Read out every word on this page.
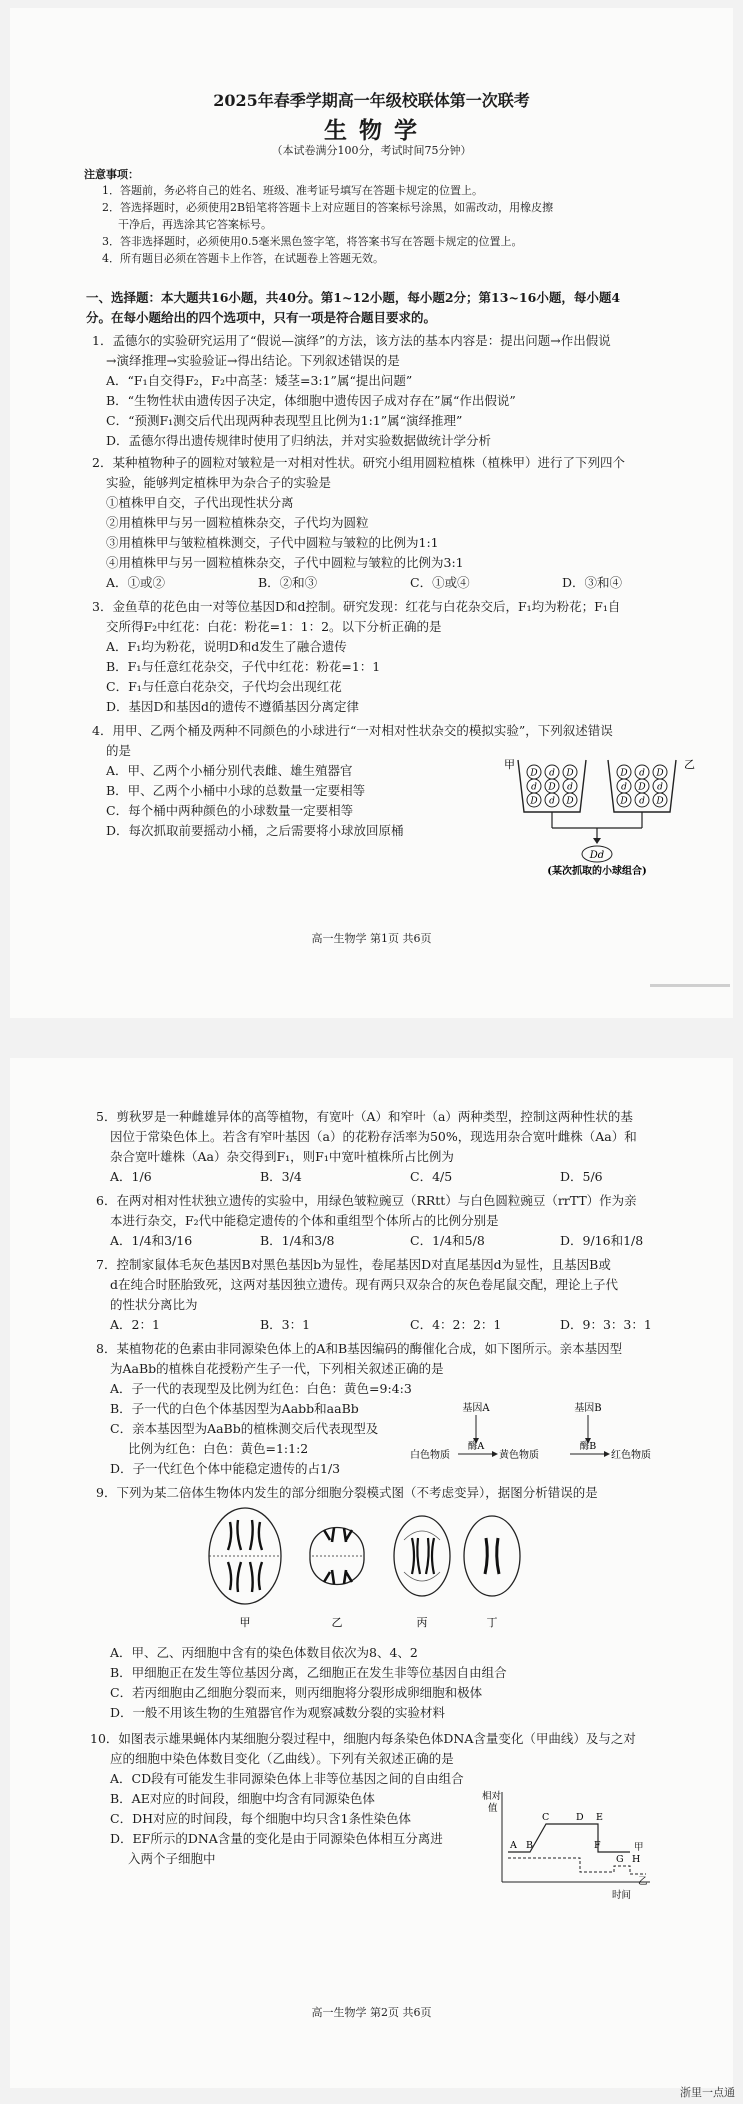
2025年春季学期高一年级校联体第一次联考
生 物 学
（本试卷满分100分，考试时间75分钟）
注意事项：
1．答题前，务必将自己的姓名、班级、准考证号填写在答题卡规定的位置上。
2．答选择题时，必须使用2B铅笔将答题卡上对应题目的答案标号涂黑，如需改动，用橡皮擦
干净后，再选涂其它答案标号。
3．答非选择题时，必须使用0.5毫米黑色签字笔，将答案书写在答题卡规定的位置上。
4．所有题目必须在答题卡上作答，在试题卷上答题无效。
一、选择题：本大题共16小题，共40分。第1~12小题，每小题2分；第13~16小题，每小题4
分。在每小题给出的四个选项中，只有一项是符合题目要求的。
1．孟德尔的实验研究运用了“假说—演绎”的方法，该方法的基本内容是：提出问题→作出假说
→演绎推理→实验验证→得出结论。下列叙述错误的是
A．“F₁自交得F₂，F₂中高茎：矮茎=3:1”属“提出问题”
B．“生物性状由遗传因子决定，体细胞中遗传因子成对存在”属“作出假说”
C．“预测F₁测交后代出现两种表现型且比例为1:1”属“演绎推理”
D．孟德尔得出遗传规律时使用了归纳法，并对实验数据做统计学分析
2．某种植物种子的圆粒对皱粒是一对相对性状。研究小组用圆粒植株（植株甲）进行了下列四个
实验，能够判定植株甲为杂合子的实验是
①植株甲自交，子代出现性状分离
②用植株甲与另一圆粒植株杂交，子代均为圆粒
③用植株甲与皱粒植株测交，子代中圆粒与皱粒的比例为1:1
④用植株甲与另一圆粒植株杂交，子代中圆粒与皱粒的比例为3:1
A．①或②	B．②和③	C．①或④	D．③和④
3．金鱼草的花色由一对等位基因D和d控制。研究发现：红花与白花杂交后，F₁均为粉花；F₁自
交所得F₂中红花：白花：粉花=1：1：2。以下分析正确的是
A．F₁均为粉花，说明D和d发生了融合遗传
B．F₁与任意红花杂交，子代中红花：粉花=1：1
C．F₁与任意白花杂交，子代均会出现红花
D．基因D和基因d的遗传不遵循基因分离定律
4．用甲、乙两个桶及两种不同颜色的小球进行“一对相对性状杂交的模拟实验”，下列叙述错误
的是
A．甲、乙两个小桶分别代表雌、雄生殖器官
B．甲、乙两个小桶中小球的总数量一定要相等
C．每个桶中两种颜色的小球数量一定要相等
D．每次抓取前要摇动小桶，之后需要将小球放回原桶
甲	乙
D d D
d D d
D d D
D d D
d D d
D d D
Dd
(某次抓取的小球组合)
高一生物学 第1页 共6页
5．剪秋罗是一种雌雄异体的高等植物，有宽叶（A）和窄叶（a）两种类型，控制这两种性状的基
因位于常染色体上。若含有窄叶基因（a）的花粉存活率为50%，现选用杂合宽叶雌株（Aa）和
杂合宽叶雄株（Aa）杂交得到F₁，则F₁中宽叶植株所占比例为
A．1/6	B．3/4	C．4/5	D．5/6
6．在两对相对性状独立遗传的实验中，用绿色皱粒豌豆（RRtt）与白色圆粒豌豆（rrTT）作为亲
本进行杂交，F₂代中能稳定遗传的个体和重组型个体所占的比例分别是
A．1/4和3/16	B．1/4和3/8	C．1/4和5/8	D．9/16和1/8
7．控制家鼠体毛灰色基因B对黑色基因b为显性，卷尾基因D对直尾基因d为显性，且基因B或
d在纯合时胚胎致死，这两对基因独立遗传。现有两只双杂合的灰色卷尾鼠交配，理论上子代
的性状分离比为
A．2：1	B．3：1	C．4：2：2：1	D．9：3：3：1
8．某植物花的色素由非同源染色体上的A和B基因编码的酶催化合成，如下图所示。亲本基因型
为AaBb的植株自花授粉产生子一代，下列相关叙述正确的是
A．子一代的表现型及比例为红色：白色：黄色=9:4:3
B．子一代的白色个体基因型为Aabb和aaBb
C．亲本基因型为AaBb的植株测交后代表现型及
比例为红色：白色：黄色=1:1:2
D．子一代红色个体中能稳定遗传的占1/3
基因A	基因B
白色物质
酶A
黄色物质
酶B
红色物质
9．下列为某二倍体生物体内发生的部分细胞分裂模式图（不考虑变异），据图分析错误的是
甲	乙	丙	丁
A．甲、乙、丙细胞中含有的染色体数目依次为8、4、2
B．甲细胞正在发生等位基因分离，乙细胞正在发生非等位基因自由组合
C．若丙细胞由乙细胞分裂而来，则丙细胞将分裂形成卵细胞和极体
D．一般不用该生物的生殖器官作为观察减数分裂的实验材料
10．如图表示雄果蝇体内某细胞分裂过程中，细胞内每条染色体DNA含量变化（甲曲线）及与之对
应的细胞中染色体数目变化（乙曲线）。下列有关叙述正确的是
A．CD段有可能发生非同源染色体上非等位基因之间的自由组合
B．AE对应的时间段，细胞中均含有同源染色体
C．DH对应的时间段，每个细胞中均只含1条性染色体
D．EF所示的DNA含量的变化是由于同源染色体相互分离进
入两个子细胞中
相对
值
A B
C	D E
F
G H
甲
乙
时间
高一生物学 第2页 共6页
浙里一点通
